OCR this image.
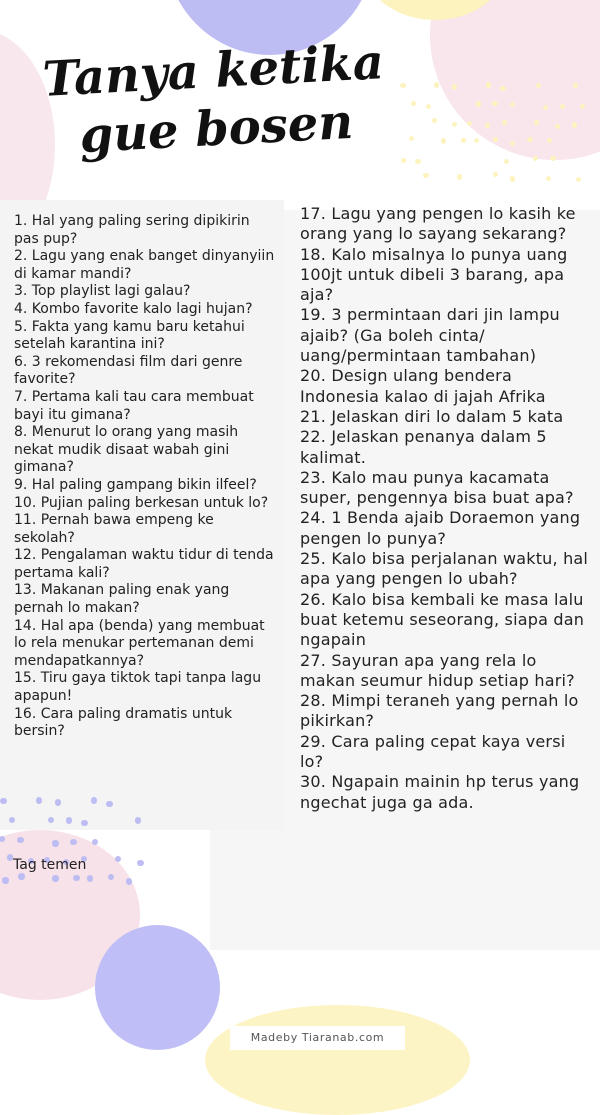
Tanya ketika
gue bosen
1. Hal yang paling sering dipikirin pas pup?
2. Lagu yang enak banget dinyanyiin di kamar mandi?
3. Top playlist lagi galau?
4. Kombo favorite kalo lagi hujan?
5. Fakta yang kamu baru ketahui setelah karantina ini?
6. 3 rekomendasi film dari genre favorite?
7. Pertama kali tau cara membuat bayi itu gimana?
8. Menurut lo orang yang masih nekat mudik disaat wabah gini gimana?
9. Hal paling gampang bikin ilfeel?
10. Pujian paling berkesan untuk lo?
11. Pernah bawa empeng ke sekolah?
12. Pengalaman waktu tidur di tenda pertama kali?
13. Makanan paling enak yang pernah lo makan?
14. Hal apa (benda) yang membuat lo rela menukar pertemanan demi mendapatkannya?
15. Tiru gaya tiktok tapi tanpa lagu apapun!
16. Cara paling dramatis untuk bersin?
17. Lagu yang pengen lo kasih ke orang yang lo sayang sekarang?
18. Kalo misalnya lo punya uang 100jt untuk dibeli 3 barang, apa aja?
19. 3 permintaan dari jin lampu ajaib? (Ga boleh cinta/ uang/permintaan tambahan)
20. Design ulang bendera Indonesia kalao di jajah Afrika
21. Jelaskan diri lo dalam 5 kata
22. Jelaskan penanya dalam 5 kalimat.
23. Kalo mau punya kacamata super, pengennya bisa buat apa?
24. 1 Benda ajaib Doraemon yang pengen lo punya?
25. Kalo bisa perjalanan waktu, hal apa yang pengen lo ubah?
26. Kalo bisa kembali ke masa lalu buat ketemu seseorang, siapa dan ngapain
27. Sayuran apa yang rela lo makan seumur hidup setiap hari?
28. Mimpi teraneh yang pernah lo pikirkan?
29. Cara paling cepat kaya versi lo?
30. Ngapain mainin hp terus yang ngechat juga ga ada.

Tag temen

Madeby Tiaranab.com
